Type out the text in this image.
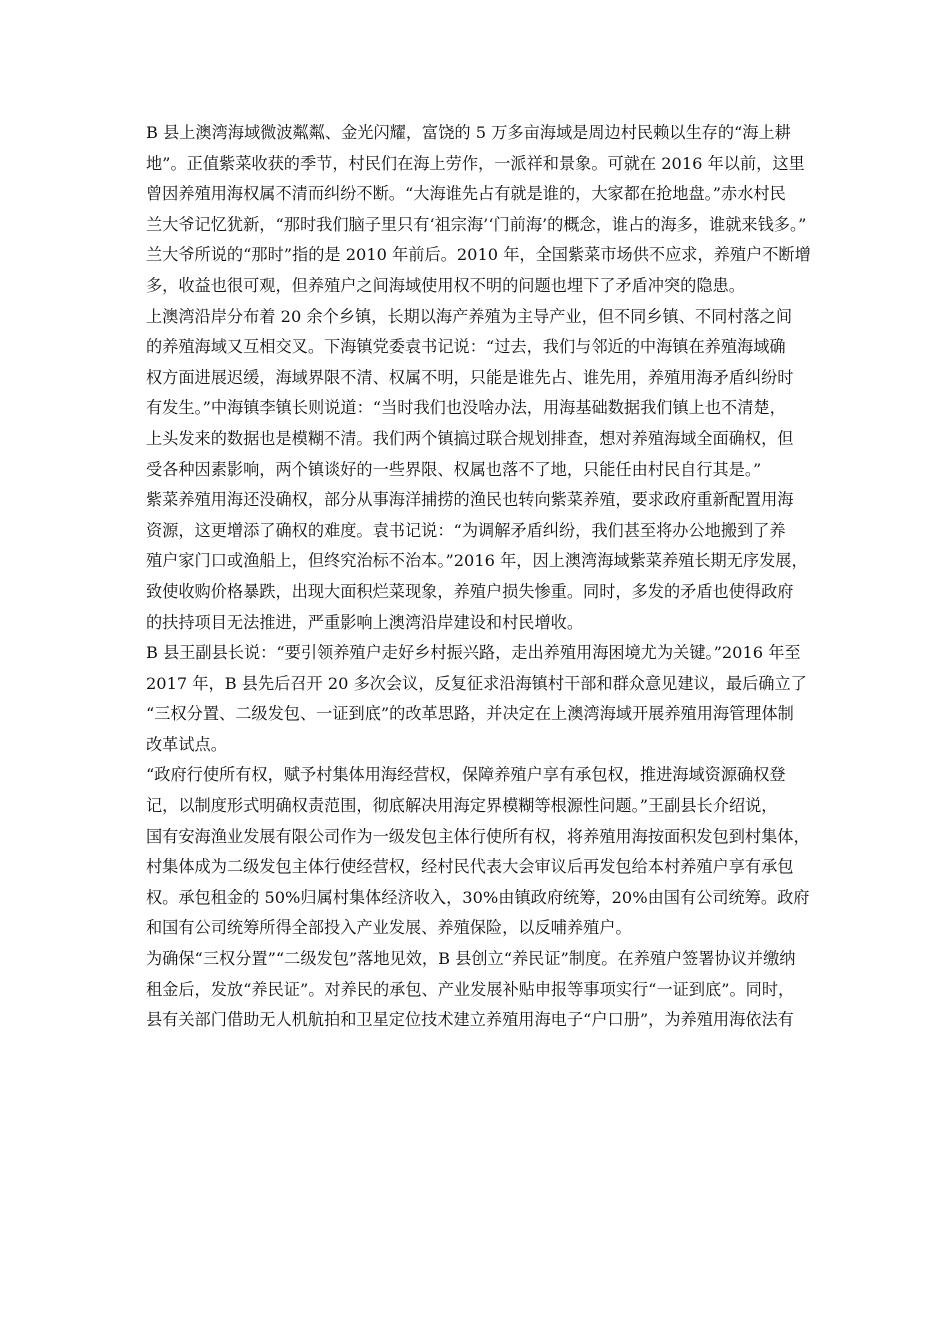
B 县上澳湾海域微波粼粼、金光闪耀，富饶的 5 万多亩海域是周边村民赖以生存的“海上耕
地”。正值紫菜收获的季节，村民们在海上劳作，一派祥和景象。可就在 2016 年以前，这里
曾因养殖用海权属不清而纠纷不断。“大海谁先占有就是谁的，大家都在抢地盘。”赤水村民
兰大爷记忆犹新，“那时我们脑子里只有‘祖宗海’‘门前海’的概念，谁占的海多，谁就来钱多。”
兰大爷所说的“那时”指的是 2010 年前后。2010 年，全国紫菜市场供不应求，养殖户不断增
多，收益也很可观，但养殖户之间海域使用权不明的问题也埋下了矛盾冲突的隐患。
上澳湾沿岸分布着 20 余个乡镇，长期以海产养殖为主导产业，但不同乡镇、不同村落之间
的养殖海域又互相交叉。下海镇党委袁书记说：“过去，我们与邻近的中海镇在养殖海域确
权方面进展迟缓，海域界限不清、权属不明，只能是谁先占、谁先用，养殖用海矛盾纠纷时
有发生。”中海镇李镇长则说道：“当时我们也没啥办法，用海基础数据我们镇上也不清楚，
上头发来的数据也是模糊不清。我们两个镇搞过联合规划排查，想对养殖海域全面确权，但
受各种因素影响，两个镇谈好的一些界限、权属也落不了地，只能任由村民自行其是。”
紫菜养殖用海还没确权，部分从事海洋捕捞的渔民也转向紫菜养殖，要求政府重新配置用海
资源，这更增添了确权的难度。袁书记说：“为调解矛盾纠纷，我们甚至将办公地搬到了养
殖户家门口或渔船上，但终究治标不治本。”2016 年，因上澳湾海域紫菜养殖长期无序发展，
致使收购价格暴跌，出现大面积烂菜现象，养殖户损失惨重。同时，多发的矛盾也使得政府
的扶持项目无法推进，严重影响上澳湾沿岸建设和村民增收。
B 县王副县长说：“要引领养殖户走好乡村振兴路，走出养殖用海困境尤为关键。”2016 年至
2017 年，B 县先后召开 20 多次会议，反复征求沿海镇村干部和群众意见建议，最后确立了
“三权分置、二级发包、一证到底”的改革思路，并决定在上澳湾海域开展养殖用海管理体制
改革试点。
“政府行使所有权，赋予村集体用海经营权，保障养殖户享有承包权，推进海域资源确权登
记，以制度形式明确权责范围，彻底解决用海定界模糊等根源性问题。”王副县长介绍说，
国有安海渔业发展有限公司作为一级发包主体行使所有权，将养殖用海按面积发包到村集体，
村集体成为二级发包主体行使经营权，经村民代表大会审议后再发包给本村养殖户享有承包
权。承包租金的 50%归属村集体经济收入，30%由镇政府统筹，20%由国有公司统筹。政府
和国有公司统筹所得全部投入产业发展、养殖保险，以反哺养殖户。
为确保“三权分置”“二级发包”落地见效，B 县创立“养民证”制度。在养殖户签署协议并缴纳
租金后，发放“养民证”。对养民的承包、产业发展补贴申报等事项实行“一证到底”。同时，
县有关部门借助无人机航拍和卫星定位技术建立养殖用海电子“户口册”，为养殖用海依法有
